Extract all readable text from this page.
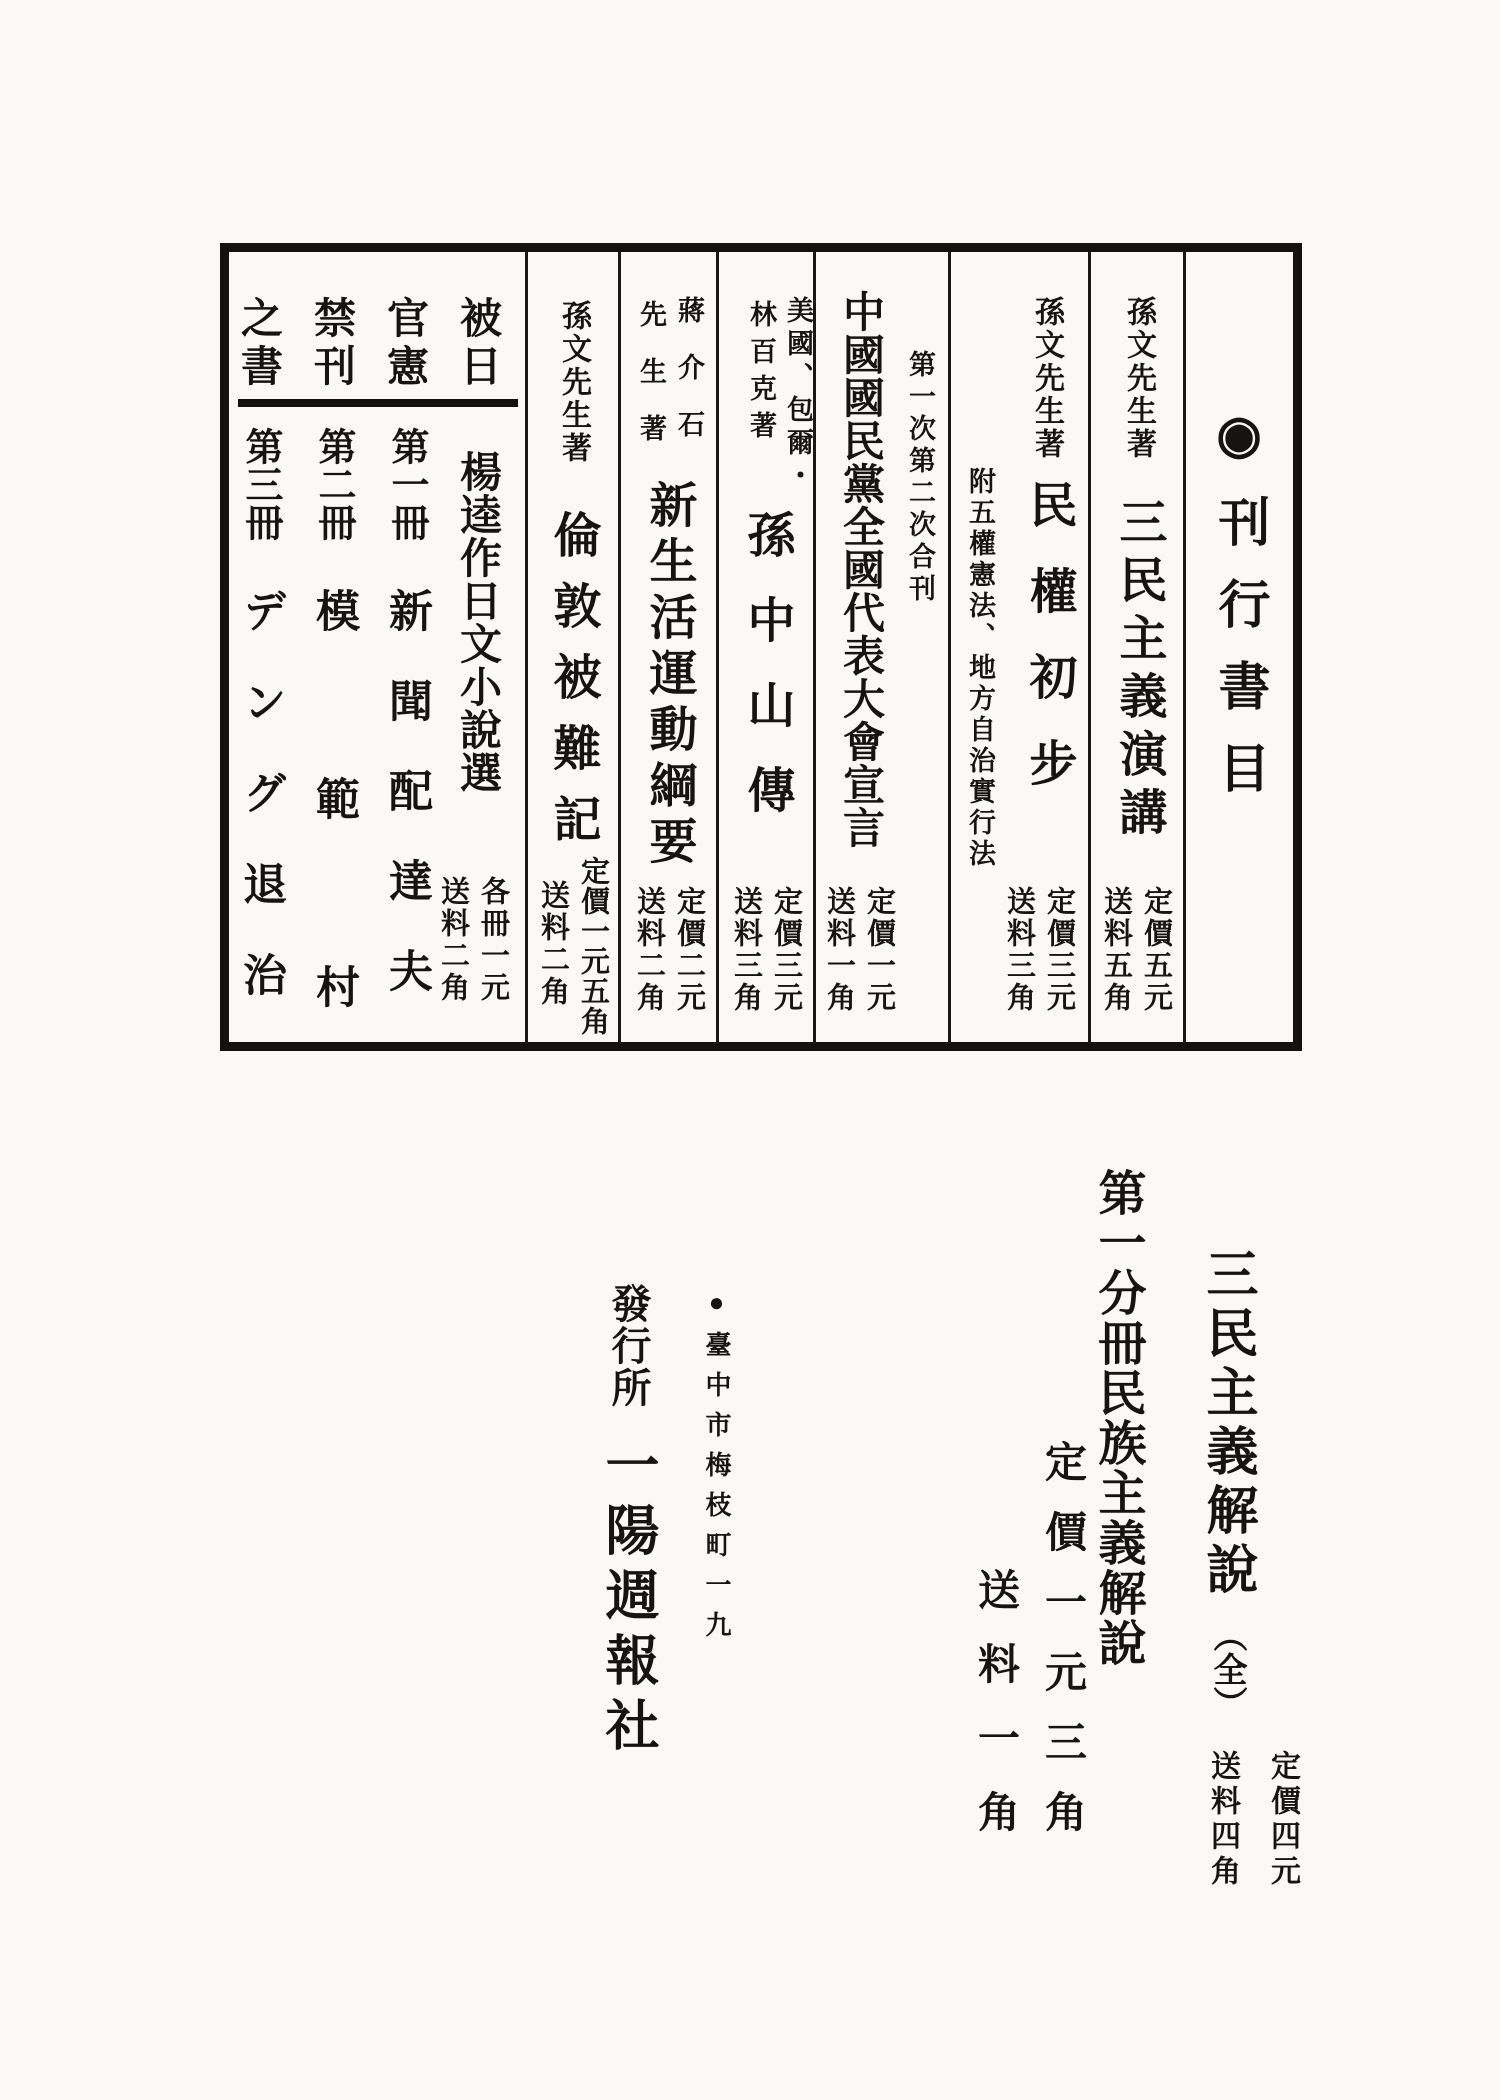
◉刊行書目
孫文先生著
三民主義演講
定價五元
送料五角
孫文先生著
民權初步
附五權憲法、地方自治實行法
定價三元
送料三角
第一次第二次合刊
中國國民黨全國代表大會宣言
定價一元
送料一角
美國、包爾・
林百克著
孫中山傳
定價三元
送料三角
蔣介石
先生著
新生活運動綱要
定價二元
送料二角
孫文先生著
倫敦被難記
定價一元五角
送料二角
被日
官憲
禁刊
之書
楊逵作日文小說選
各冊一元
送料二角
第一冊
新聞配達夫
第二冊
模範村
第三冊
デング退治
三民主義解說
（全）
定價四元
送料四角
第一分冊民族主義解說
定價一元三角
送料一角
發行所
一陽週報社
●臺中市梅枝町一九
